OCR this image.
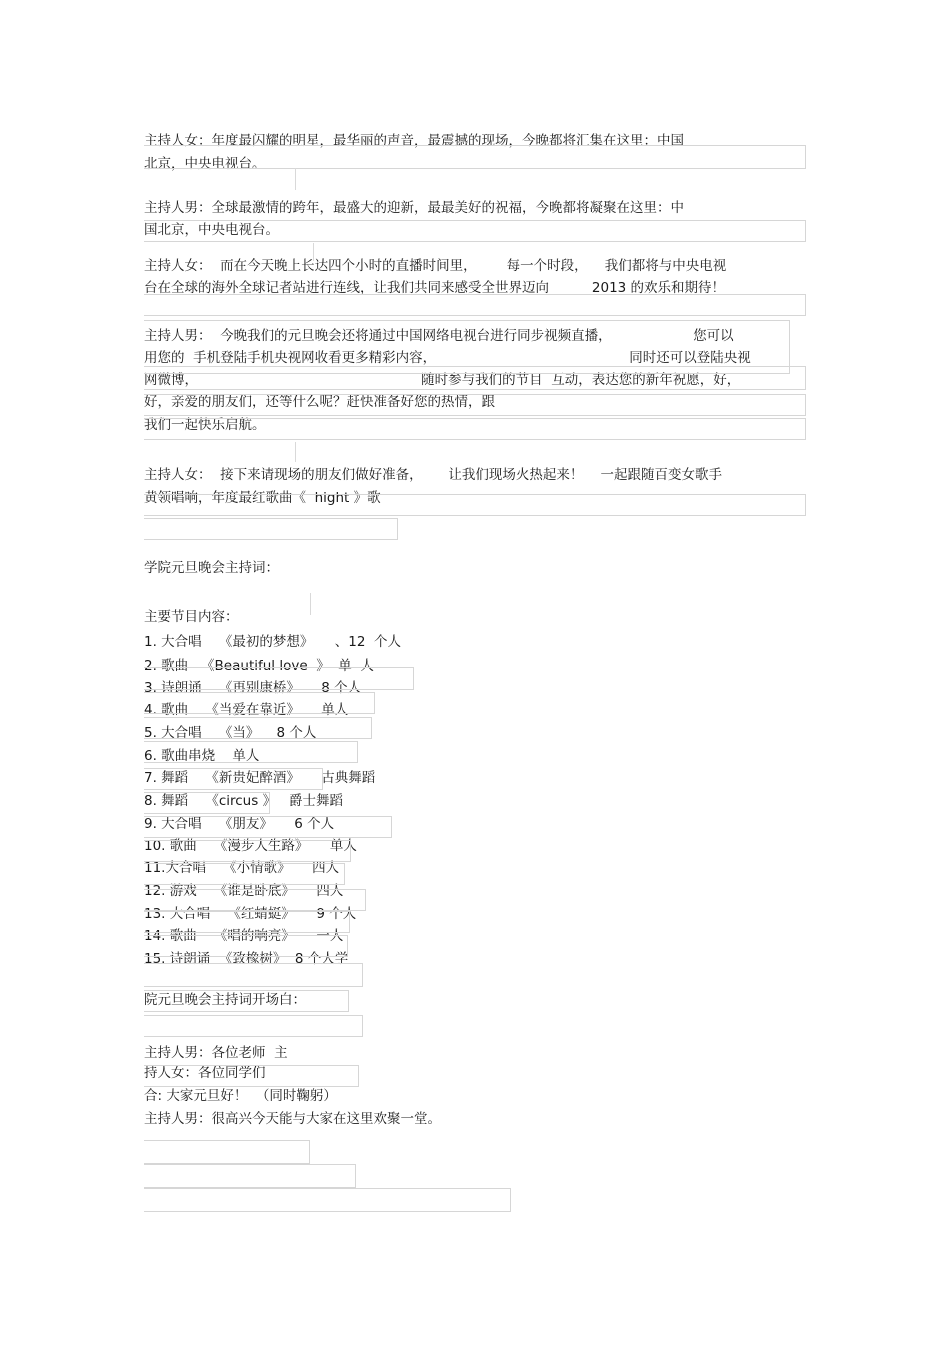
主持人女：年度最闪耀的明星，最华丽的声音，最震撼的现场，今晚都将汇集在这里：中国
北京，中央电视台。
主持人男：全球最激情的跨年，最盛大的迎新，最最美好的祝福，今晚都将凝聚在这里：中
国北京，中央电视台。
主持人女：  而在今天晚上长达四个小时的直播时间里，       每一个时段，    我们都将与中央电视
台在全球的海外全球记者站进行连线，让我们共同来感受全世界迈向          2013 的欢乐和期待！
主持人男：  今晚我们的元旦晚会还将通过中国网络电视台进行同步视频直播，                   您可以
用您的  手机登陆手机央视网收看更多精彩内容，                                             同时还可以登陆央视
网微博，                                                    随时参与我们的节目  互动，表达您的新年祝愿，好，
好，亲爱的朋友们，还等什么呢？赶快准备好您的热情，跟
我们一起快乐启航。
主持人女：  接下来请现场的朋友们做好准备，      让我们现场火热起来！    一起跟随百变女歌手
黄领唱响，年度最红歌曲《  hight 》歌
学院元旦晚会主持词：
主要节目内容：
1. 大合唱    《最初的梦想》     、12  个人
2. 歌曲   《Beautiful love  》  单  人
3. 诗朗诵    《再别康桥》     8 个人
4. 歌曲    《当爱在靠近》     单人
5. 大合唱    《当》    8 个人
6. 歌曲串烧    单人
7. 舞蹈    《新贵妃醉酒》     古典舞蹈
8. 舞蹈    《circus 》   爵士舞蹈
9. 大合唱    《朋友》     6 个人
10. 歌曲    《漫步人生路》     单人
11.大合唱    《小情歌》     四人
12. 游戏    《谁是卧底》     四人
13. 大合唱    《红蜻蜓》     9 个人
14. 歌曲    《唱的响亮》     一人
15. 诗朗诵  《致橡树》  8 个人学
院元旦晚会主持词开场白：
主持人男：各位老师  主
持人女：各位同学们
合: 大家元旦好！  （同时鞠躬）
主持人男：很高兴今天能与大家在这里欢聚一堂。
